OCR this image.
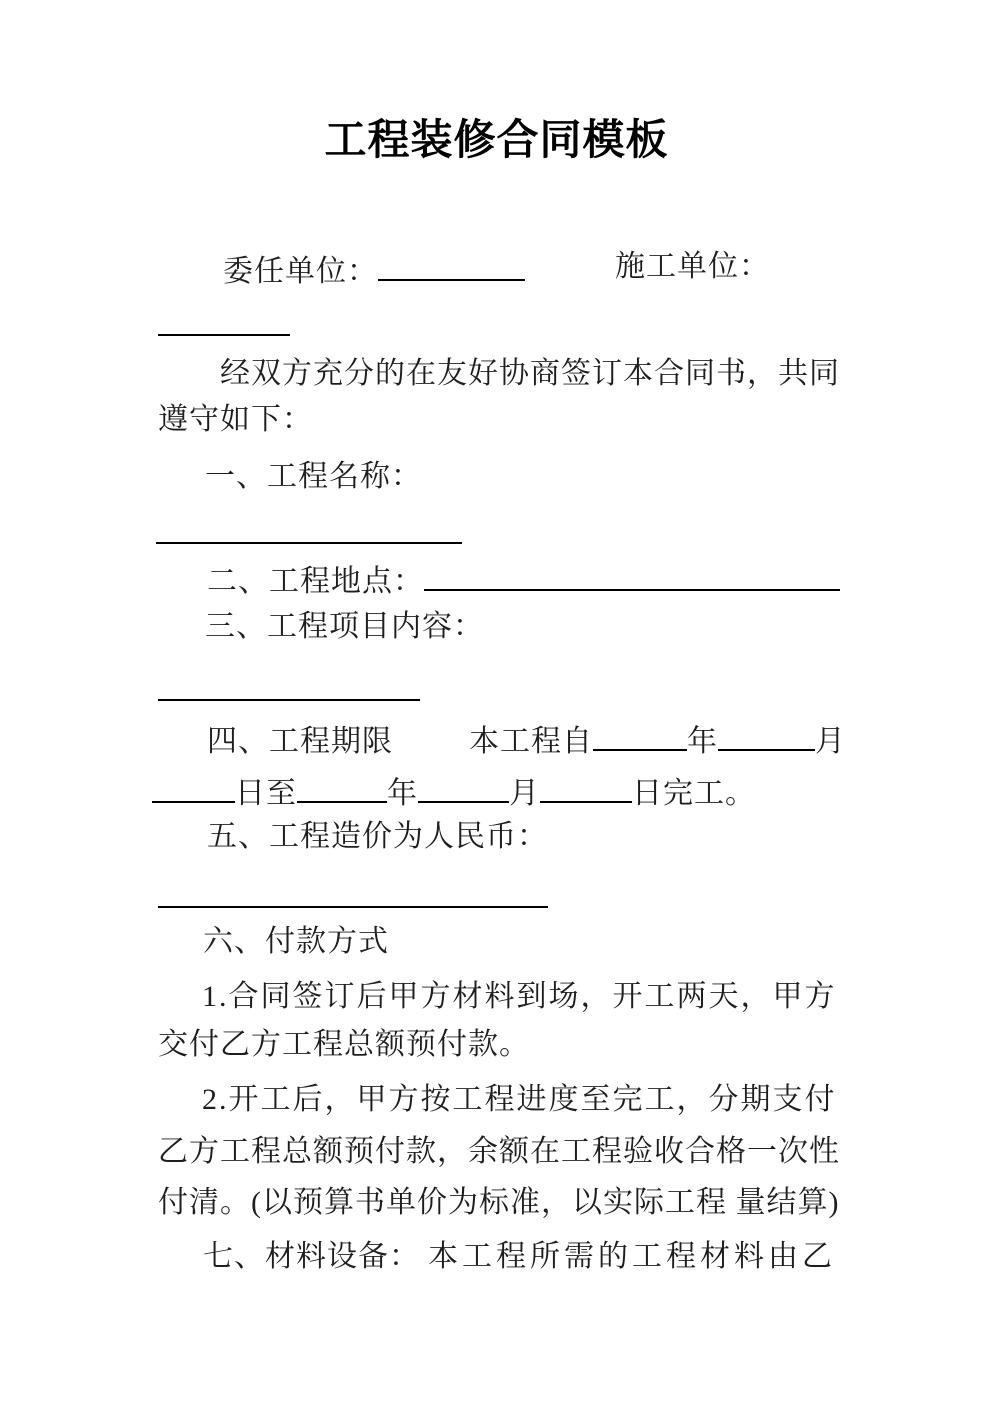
工程装修合同模板
委任单位：	施工单位：
经双方充分的在友好协商签订本合同书，共同
遵守如下：
一、工程名称：
二、工程地点：
三、工程项目内容：
四、工程期限	本工程自	年	月
日至	年	月	日完工。
五、工程造价为人民币：
六、付款方式
1.合同签订后甲方材料到场，开工两天，甲方
交付乙方工程总额预付款。
2.开工后，甲方按工程进度至完工，分期支付
乙方工程总额预付款，余额在工程验收合格一次性
付清。(以预算书单价为标准，以实际工程 量结算)
七、材料设备： 本工程所需的工程材料由乙
